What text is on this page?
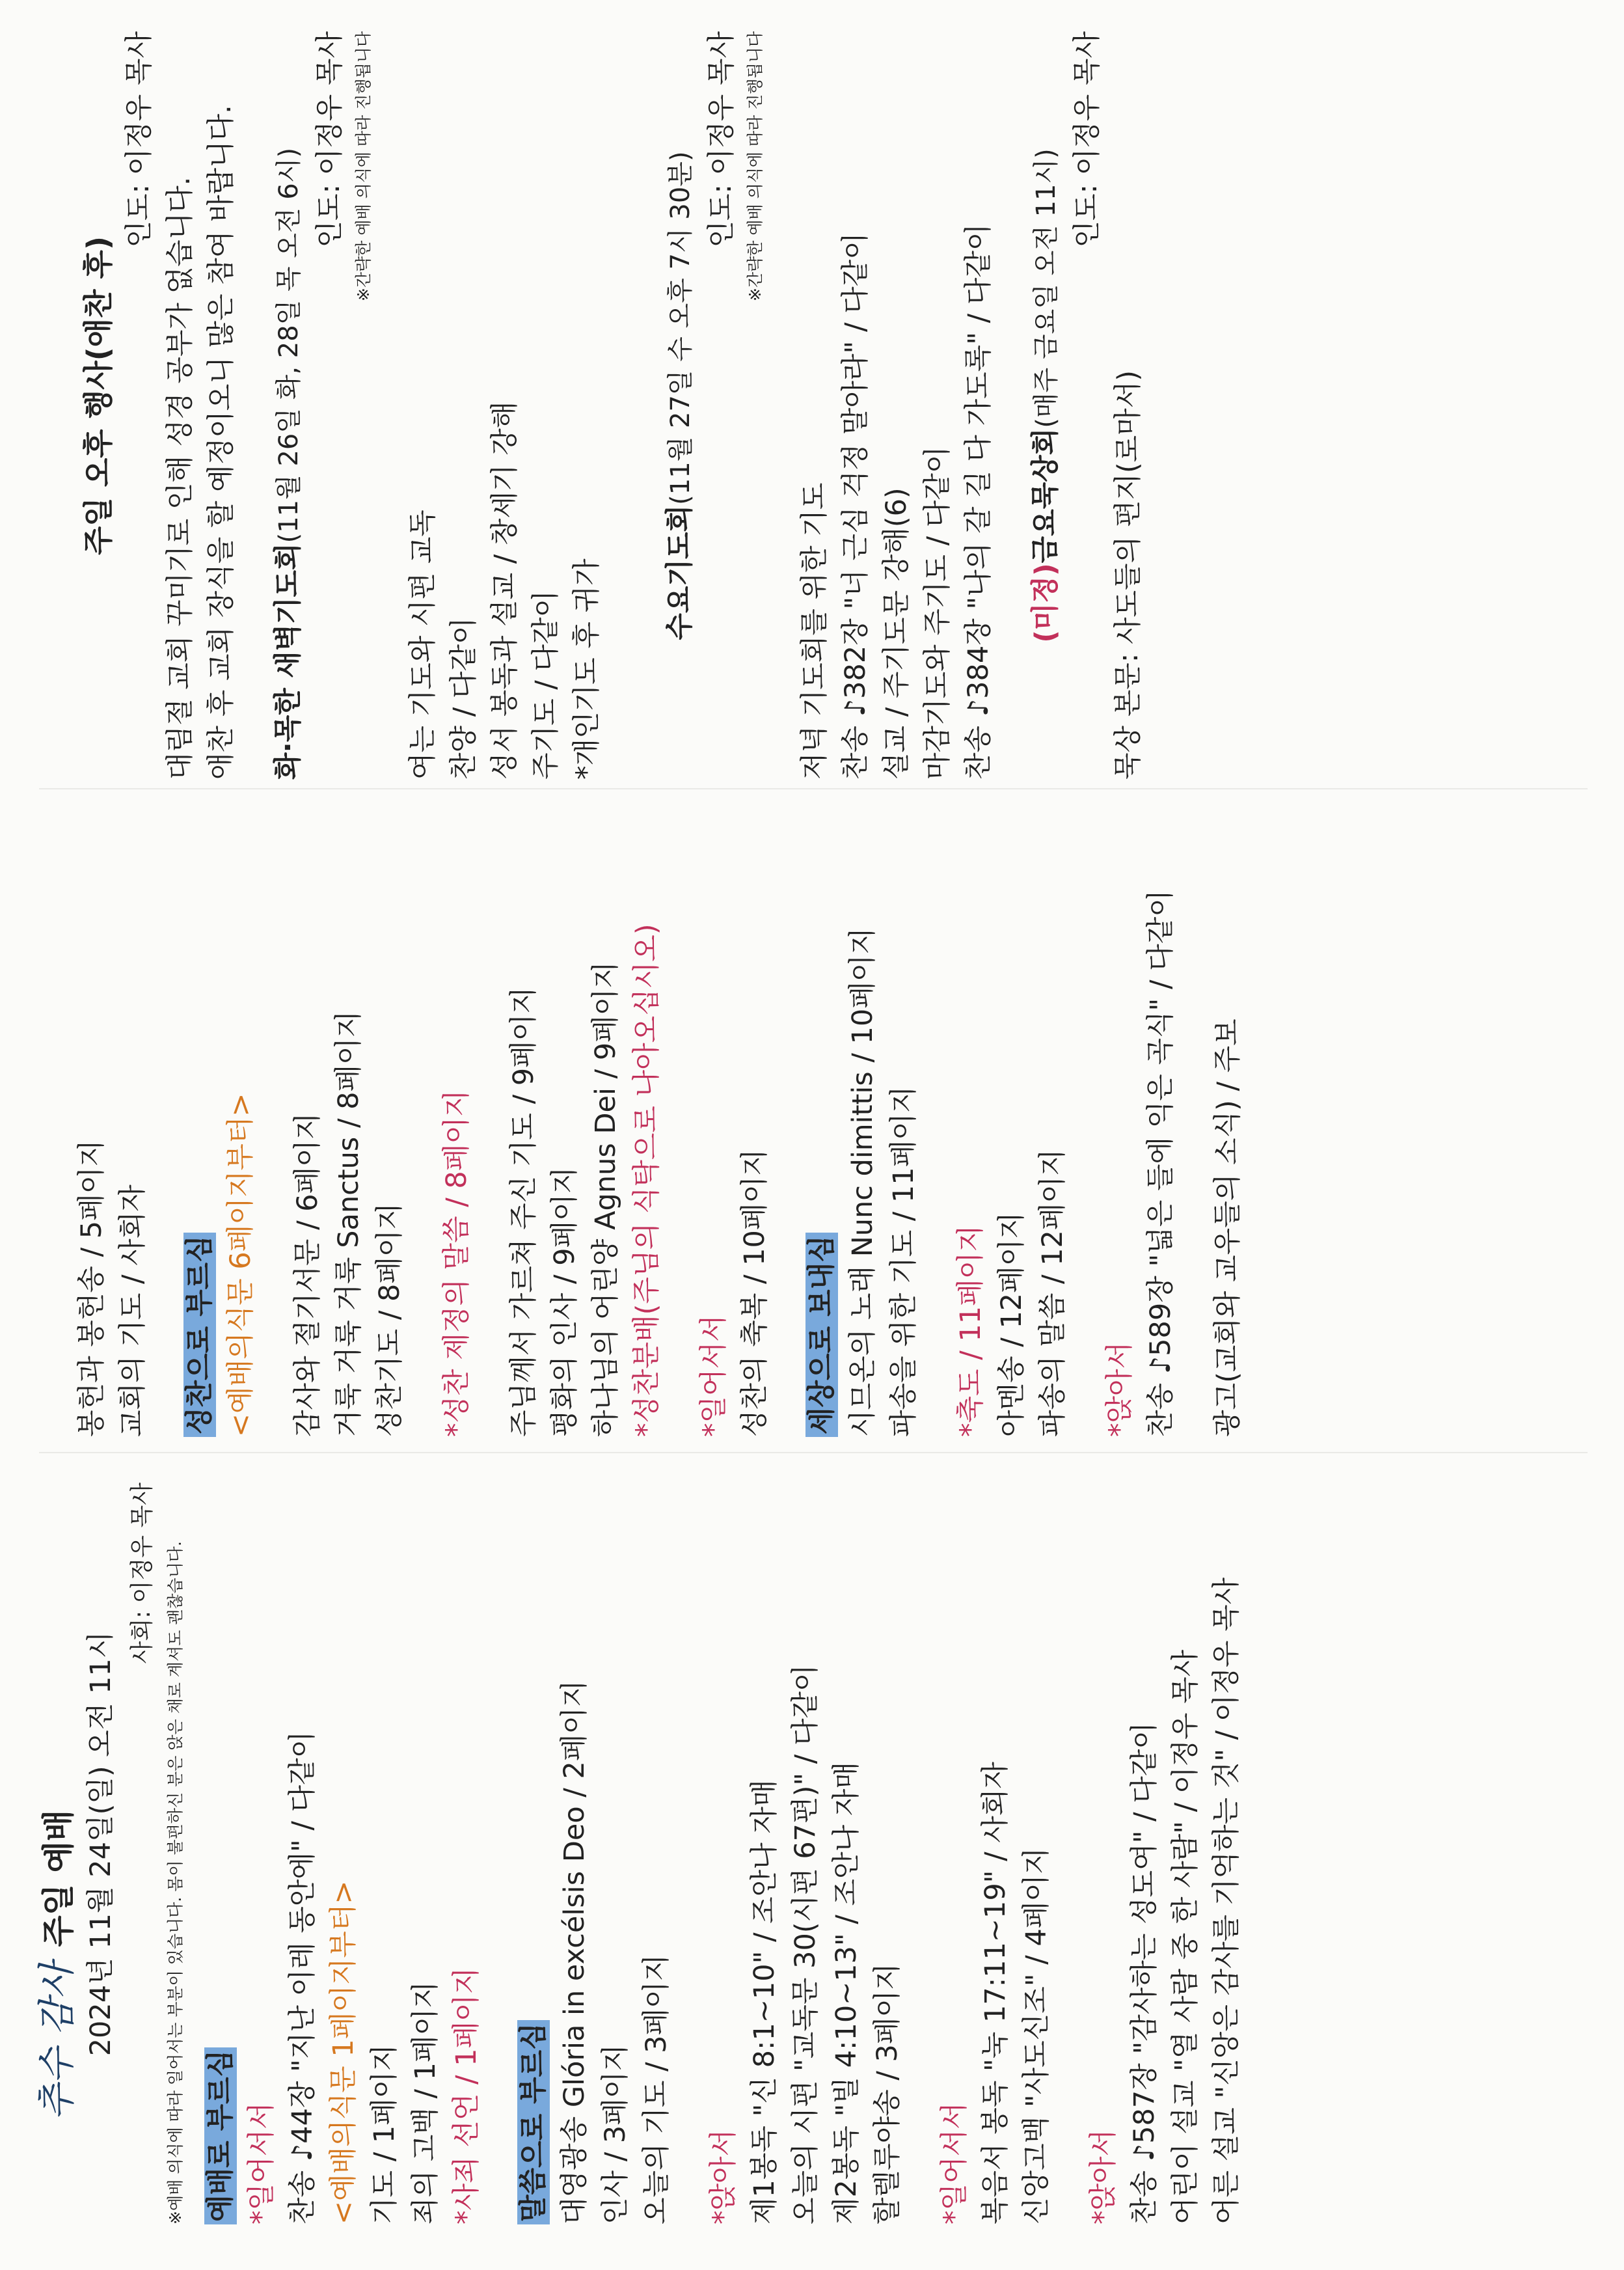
추수 감사
주일 예배 2024년 11월 24일(일) 오전 11시
사회: 이정우 목사 ※예배 의식에 따라 일어서는 부분이 있습니다. 몸이 불편하신 분은 앉은 채로 계셔도 괜찮습니다. 예배로 부르심 *일어서서 찬송 ♪44장 "지난 이레 동안에" / 다같이 <예배의식문 1페이지부터> 기도 / 1페이지 죄의 고백 / 1페이지 *사죄 선언 / 1페이지 말씀으로 부르심 대영광송 Glória in excélsis Deo / 2페이지 인사 / 3페이지 오늘의 기도 / 3페이지 *앉아서 제1봉독 "신 8:1~10" / 조안나 자매 오늘의 시편 "교독문 30(시편 67편)" / 다같이 제2봉독 "빌 4:10~13" / 조안나 자매 할렐루야송 / 3페이지 *일어서서 복음서 봉독 "눅 17:11~19" / 사회자 신앙고백 "사도신조" / 4페이지 *앉아서 찬송 ♪587장 "감사하는 성도여" / 다같이 어린이 설교 "열 사람 중 한 사람" / 이정우 목사 어른 설교 "신앙은 감사를 기억하는 것" / 이정우 목사
봉헌과 봉헌송 / 5페이지 교회의 기도 / 사회자 성찬으로 부르심 <예배의식문 6페이지부터> 감사와 절기서문 / 6페이지 거룩 거룩 거룩 Sanctus / 8페이지 성찬기도 / 8페이지 *성찬 제정의 말씀 / 8페이지 주님께서 가르쳐 주신 기도 / 9페이지 평화의 인사 / 9페이지 하나님의 어린양 Agnus Dei / 9페이지 *성찬분배(주님의 식탁으로 나아오십시오) *일어서서 성찬의 축복 / 10페이지 세상으로 보내심 시므온의 노래 Nunc dimittis / 10페이지 파송을 위한 기도 / 11페이지 *축도 / 11페이지 아멘송 / 12페이지 파송의 말씀 / 12페이지 *앉아서 찬송 ♪589장 "넓은 들에 익은 곡식" / 다같이 광고(교회와 교우들의 소식) / 주보
주일 오후 행사(애찬 후)
인도: 이정우 목사
대림절 교회 꾸미기로 인해 성경 공부가 없습니다. 애찬 후 교회 장식을 할 예정이오니 많은 참여 바랍니다. 화·목한 새벽기도회(11월 26일 화, 28일 목 오전 6시)
인도: 이정우 목사 ※간략한 예배 의식에 따라 진행됩니다
여는 기도와 시편 교독 찬양 / 다같이 성서 봉독과 설교 / 창세기 강해 주기도 / 다같이 *개인기도 후 귀가 수요기도회(11월 27일 수 오후 7시 30분)
인도: 이정우 목사 ※간략한 예배 의식에 따라 진행됩니다
저녁 기도회를 위한 기도 찬송 ♪382장 "너 근심 걱정 말아라" / 다같이 설교 / 주기도문 강해(6) 마감기도와 주기도 / 다같이 찬송 ♪384장 "나의 갈 길 다 가도록" / 다같이 (미정)금요묵상회(매주 금요일 오전 11시)
인도: 이정우 목사
묵상 본문: 사도들의 편지(로마서)
